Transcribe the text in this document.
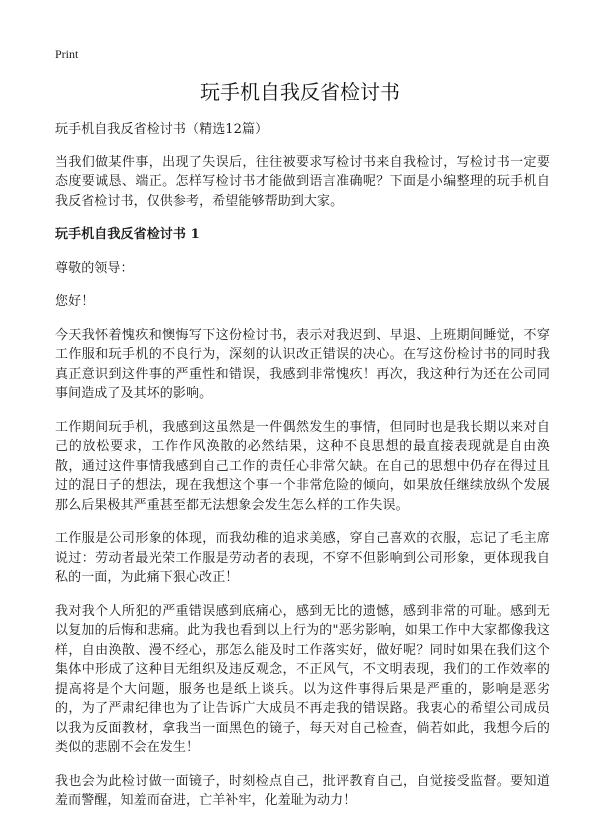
Print
玩手机自我反省检讨书

玩手机自我反省检讨书（精选12篇）

当我们做某件事，出现了失误后，往往被要求写检讨书来自我检讨，写检讨书一定要态度要诚恳、端正。怎样写检讨书才能做到语言准确呢？下面是小编整理的玩手机自我反省检讨书，仅供参考，希望能够帮助到大家。

玩手机自我反省检讨书 1

尊敬的领导：

您好！

今天我怀着愧疚和懊悔写下这份检讨书，表示对我迟到、早退、上班期间睡觉，不穿工作服和玩手机的不良行为，深刻的认识改正错误的决心。在写这份检讨书的同时我真正意识到这件事的严重性和错误，我感到非常愧疚！再次，我这种行为还在公司同事间造成了及其坏的影响。

工作期间玩手机，我感到这虽然是一件偶然发生的事情，但同时也是我长期以来对自己的放松要求，工作作风涣散的必然结果，这种不良思想的最直接表现就是自由涣散，通过这件事情我感到自己工作的责任心非常欠缺。在自己的思想中仍存在得过且过的混日子的想法，现在我想这个事一个非常危险的倾向，如果放任继续放纵个发展那么后果极其严重甚至都无法想象会发生怎么样的工作失误。

工作服是公司形象的体现，而我幼稚的追求美感，穿自己喜欢的衣服，忘记了毛主席说过：劳动者最光荣工作服是劳动者的表现，不穿不但影响到公司形象，更体现我自私的一面，为此痛下狠心改正！

我对我个人所犯的严重错误感到底痛心，感到无比的遗憾，感到非常的可耻。感到无以复加的后悔和悲痛。此为我也看到以上行为的"恶劣影响，如果工作中大家都像我这样，自由涣散、漫不经心，那怎么能及时工作落实好，做好呢？同时如果在我们这个集体中形成了这种目无组织及违反观念，不正风气，不文明表现，我们的工作效率的提高将是个大问题，服务也是纸上谈兵。以为这件事得后果是严重的，影响是恶劣的，为了严肃纪律也为了让告诉广大成员不再走我的错误路。我衷心的希望公司成员以我为反面教材，拿我当一面黑色的镜子，每天对自己检查，倘若如此，我想今后的类似的悲剧不会在发生！

我也会为此检讨做一面镜子，时刻检点自己，批评教育自己，自觉接受监督。要知道羞而警醒，知羞而奋进，亡羊补牢，化羞耻为动力！
